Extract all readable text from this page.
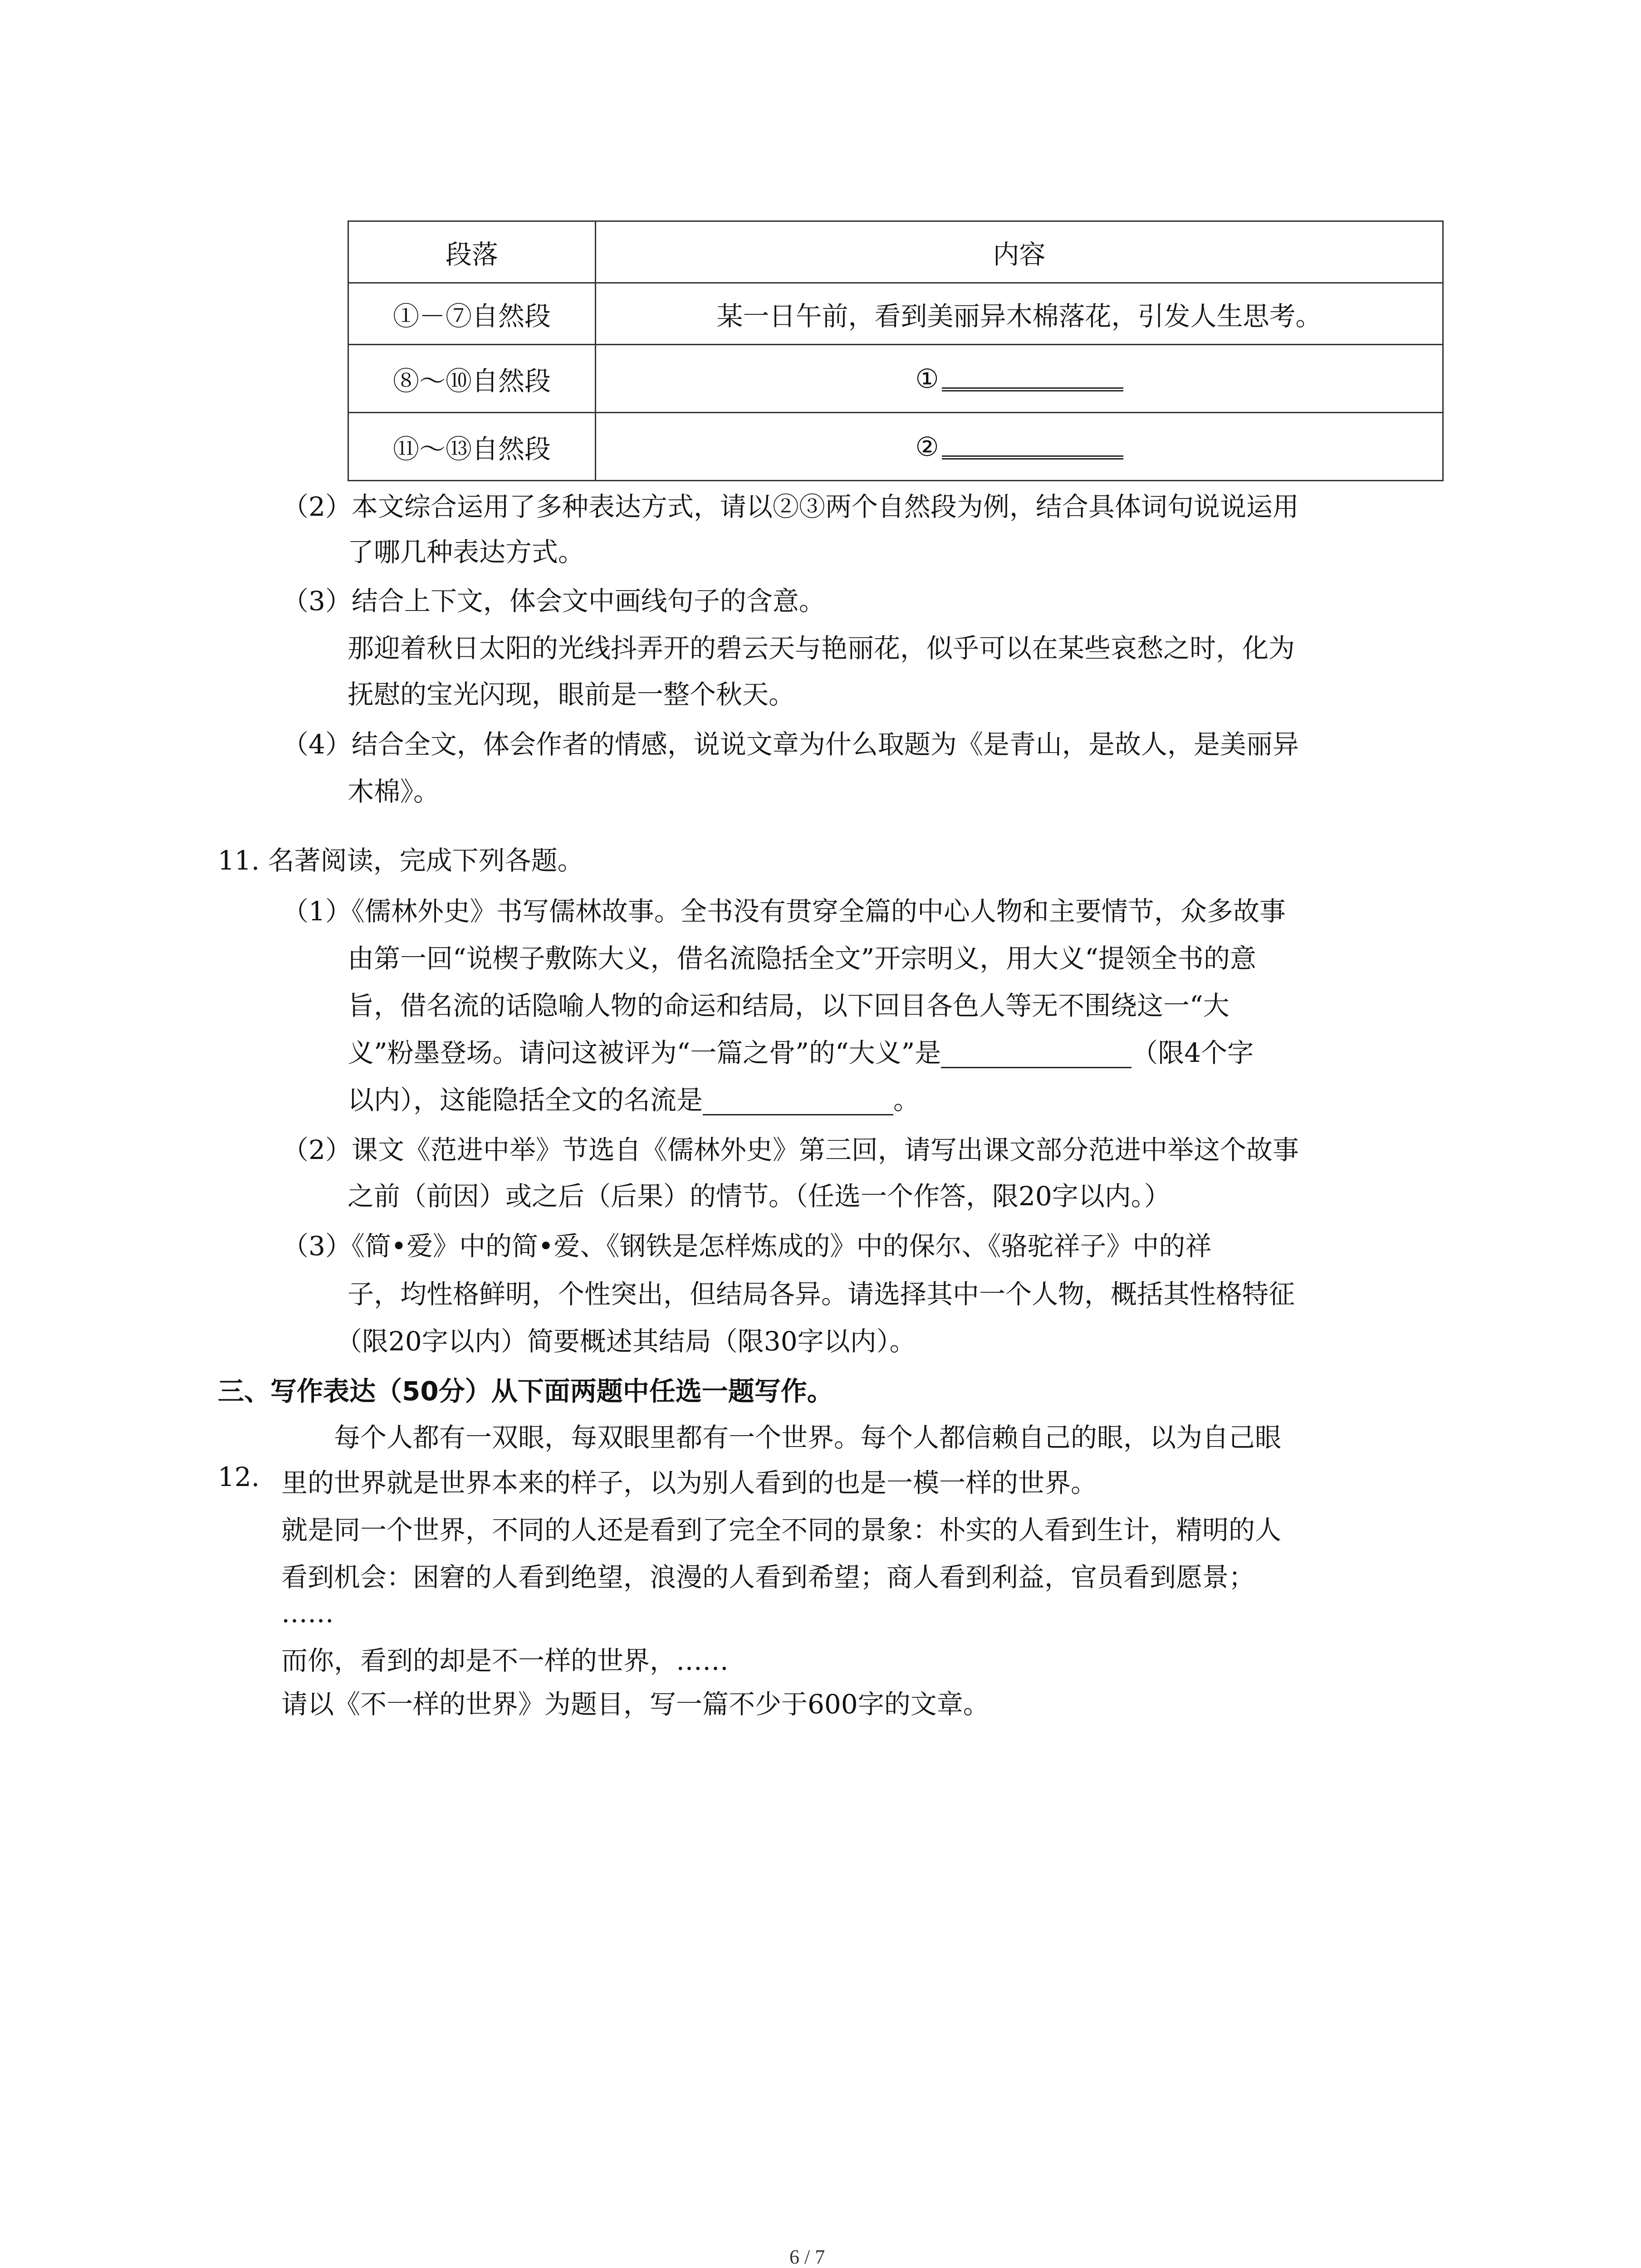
段落	内容
①－⑦自然段	某一日午前，看到美丽异木棉落花，引发人生思考。
⑧～⑩自然段	①
⑪～⑬自然段	②
（2）本文综合运用了多种表达方式，请以②③两个自然段为例，结合具体词句说说运用
了哪几种表达方式。
（3）结合上下文，体会文中画线句子的含意。
那迎着秋日太阳的光线抖弄开的碧云天与艳丽花，似乎可以在某些哀愁之时，化为
抚慰的宝光闪现，眼前是一整个秋天。
（4）结合全文，体会作者的情感，说说文章为什么取题为《是青山，是故人，是美丽异
木棉》。
11. 名著阅读，完成下列各题。
（1）《儒林外史》书写儒林故事。全书没有贯穿全篇的中心人物和主要情节，众多故事
由第一回“说楔子敷陈大义，借名流隐括全文”开宗明义，用大义“提领全书的意
旨，借名流的话隐喻人物的命运和结局，以下回目各色人等无不围绕这一“大
义”粉墨登场。请问这被评为“一篇之骨”的“大义”是	（限4个字
以内），这能隐括全文的名流是	。
（2）课文《范进中举》节选自《儒林外史》第三回，请写出课文部分范进中举这个故事
之前（前因）或之后（后果）的情节。（任选一个作答，限20字以内。）
（3）《简•爱》中的简•爱、《钢铁是怎样炼成的》中的保尔、《骆驼祥子》中的祥
子，均性格鲜明，个性突出，但结局各异。请选择其中一个人物，概括其性格特征
（限20字以内）简要概述其结局（限30字以内）。
三、写作表达（50分）从下面两题中任选一题写作。
每个人都有一双眼，每双眼里都有一个世界。每个人都信赖自己的眼，以为自己眼
12. 里的世界就是世界本来的样子，以为别人看到的也是一模一样的世界。
就是同一个世界，不同的人还是看到了完全不同的景象：朴实的人看到生计，精明的人
看到机会：困窘的人看到绝望，浪漫的人看到希望；商人看到利益，官员看到愿景；
……
而你，看到的却是不一样的世界，……
请以《不一样的世界》为题目，写一篇不少于600字的文章。
6 / 7
